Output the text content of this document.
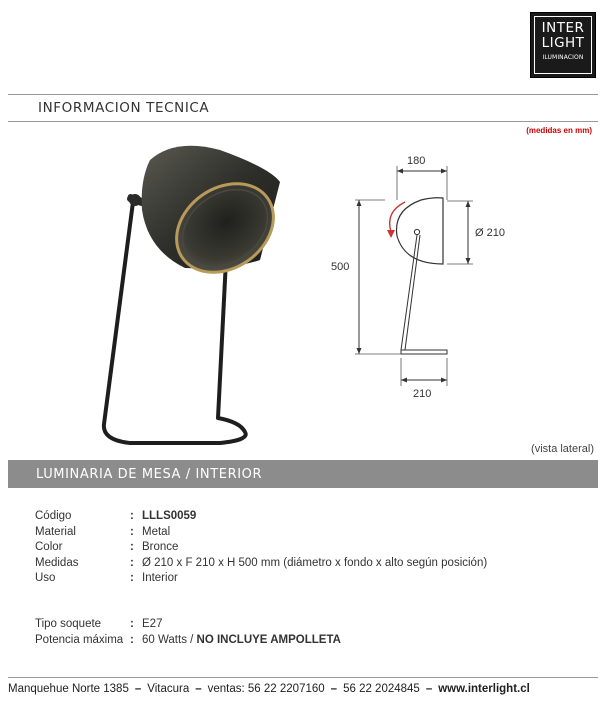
INTER
LIGHT
ILUMINACION
INFORMACION TECNICA
(medidas en mm)
180
Ø 210
500
210
(vista lateral)
LUMINARIA DE MESA / INTERIOR
Código	: LLLS0059
Material	: Metal
Color	: Bronce
Medidas	: Ø 210 x F 210 x H 500 mm (diámetro x fondo x alto según posición)
Uso	: Interior
Tipo soquete	: E27
Potencia máxima : 60 Watts / NO INCLUYE AMPOLLETA
Manquehue Norte 1385 – Vitacura – ventas: 56 22 2207160 – 56 22 2024845 – www.interlight.cl
